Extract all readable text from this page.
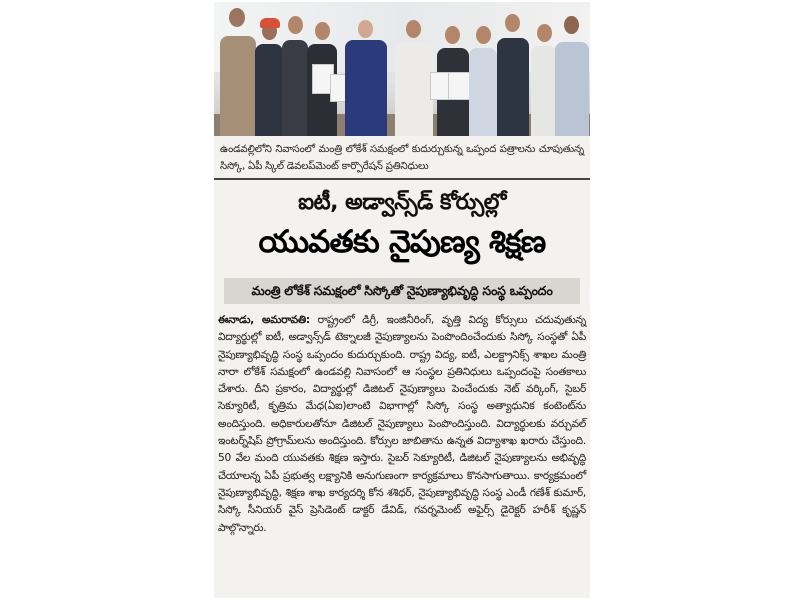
ఉండవల్లిలోని నివాసంలో మంత్రి లోకేశ్ సమక్షంలో కుదుర్చుకున్న ఒప్పంద పత్రాలను చూపుతున్న సిస్కో, ఏపీ స్కిల్ డెవలప్‌మెంట్ కార్పొరేషన్ ప్రతినిధులు
ఐటీ, అడ్వాన్స్‌డ్ కోర్సుల్లో
యువతకు నైపుణ్య శిక్షణ
మంత్రి లోకేశ్ సమక్షంలో సిస్కోతో నైపుణ్యాభివృద్ధి సంస్థ ఒప్పందం
ఈనాడు, అమరావతి: రాష్ట్రంలో డిగ్రీ, ఇంజినీరింగ్, వృత్తి విద్య కోర్సులు చదువుతున్న విద్యార్థుల్లో ఐటీ, అడ్వాన్స్‌డ్ టెక్నాలజీ నైపుణ్యాలను పెంపొందించేందుకు సిస్కో సంస్థతో ఏపీ నైపుణ్యాభివృద్ధి సంస్థ ఒప్పందం కుదుర్చుకుంది. రాష్ట్ర విద్య, ఐటీ, ఎలక్ట్రానిక్స్ శాఖల మంత్రి నారా లోకేశ్ సమక్షంలో ఉండవల్లి నివాసంలో ఆ సంస్థల ప్రతినిధులు ఒప్పందంపై సంతకాలు చేశారు. దీని ప్రకారం, విద్యార్థుల్లో డిజిటల్ నైపుణ్యాలు పెంచేందుకు నెట్ వర్కింగ్, సైబర్ సెక్యూరిటీ, కృత్రిమ మేధ(ఏఐ)లాంటి విభాగాల్లో సిస్కో సంస్థ అత్యాధునిక కంటెంట్‌ను అందిస్తుంది. అధికారులతోనూ డిజిటల్ నైపుణ్యాలు పెంపొందిస్తుంది. విద్యార్థులకు వర్చువల్ ఇంటర్న్‌షిప్ ప్రోగ్రామ్‌లను అందిస్తుంది. కోర్సుల జాబితాను ఉన్నత విద్యాశాఖ ఖరారు చేస్తుంది. 50 వేల మంది యువతకు శిక్షణ ఇస్తారు. సైబర్ సెక్యూరిటీ, డిజిటల్ నైపుణ్యాలను అభివృద్ధి చేయాలన్న ఏపీ ప్రభుత్వ లక్ష్యానికి అనుగుణంగా కార్యక్రమాలు కొనసాగుతాయి. కార్యక్రమంలో నైపుణ్యాభివృద్ధి, శిక్షణ శాఖ కార్యదర్శి కోన శశిధర్, నైపుణ్యాభివృద్ధి సంస్థ ఎండీ గణేశ్ కుమార్, సిస్కో సీనియర్ వైస్ ప్రెసిడెంట్ డాక్టర్ డేవిడ్, గవర్నమెంట్ అఫైర్స్ డైరెక్టర్ హరీశ్ కృష్ణన్ పాల్గొన్నారు.
